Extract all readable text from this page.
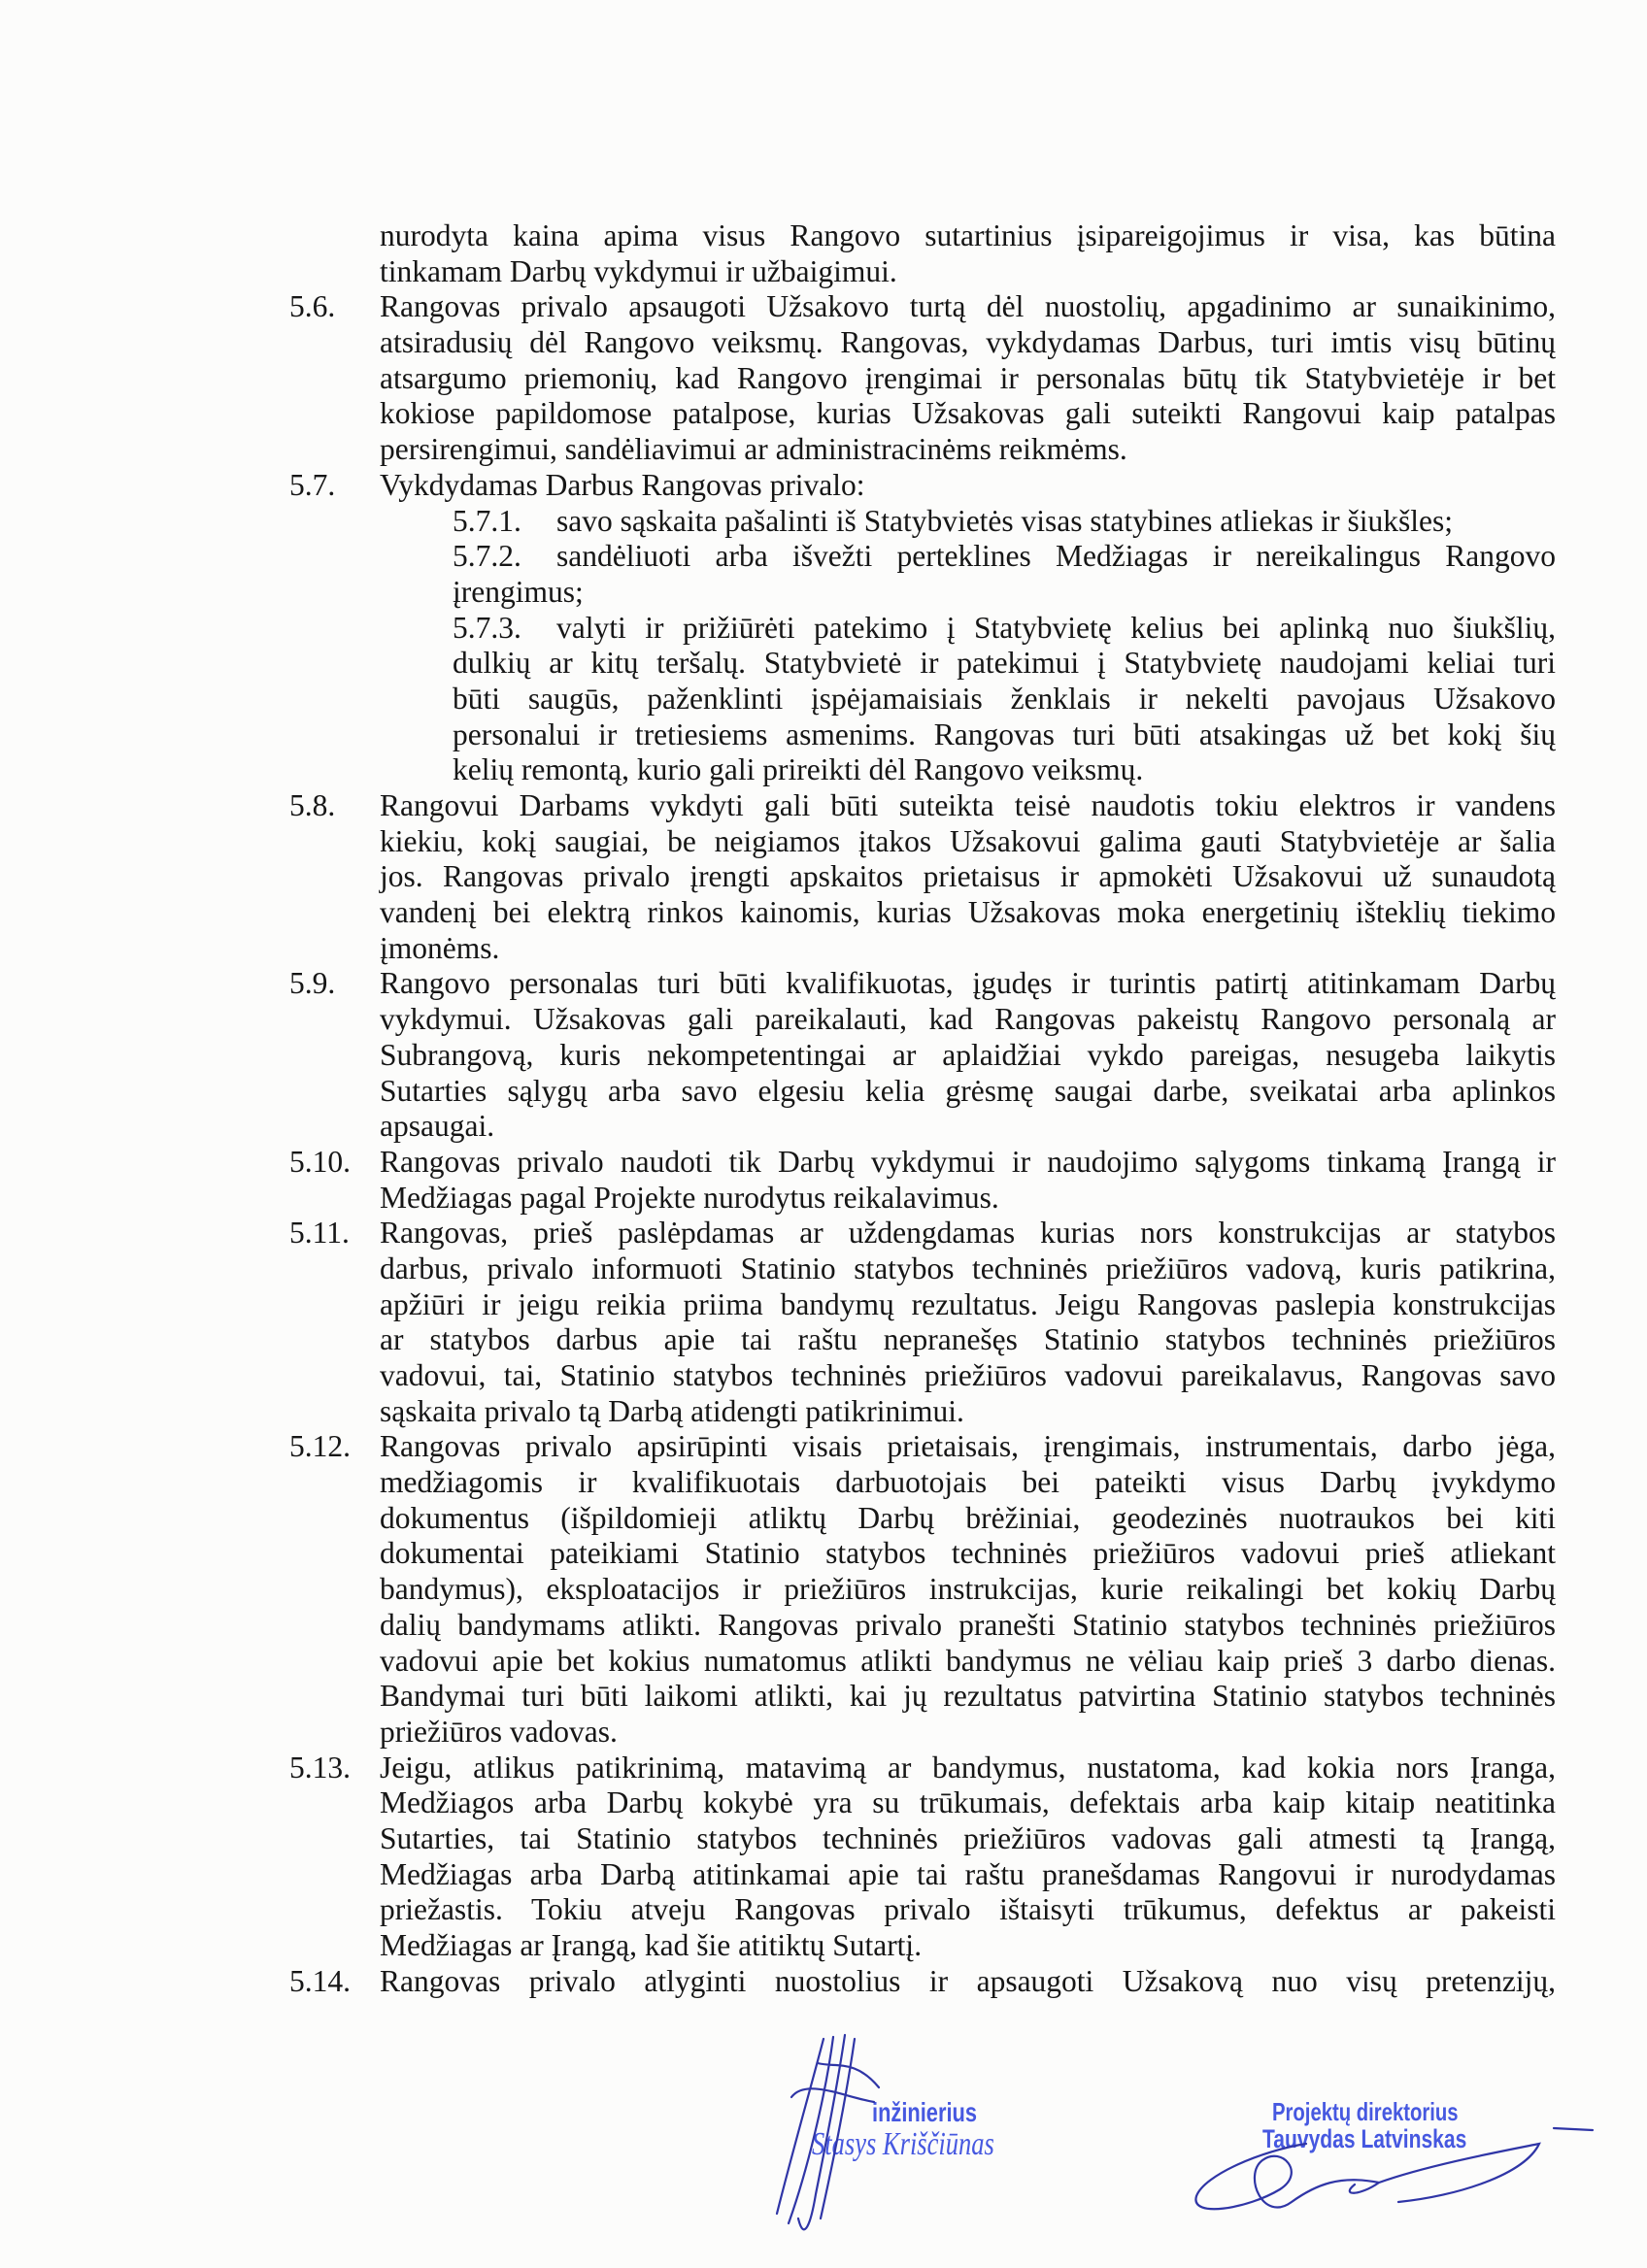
nurodyta kaina apima visus Rangovo sutartinius įsipareigojimus ir visa, kas būtina
tinkamam Darbų vykdymui ir užbaigimui.
5.6. Rangovas privalo apsaugoti Užsakovo turtą dėl nuostolių, apgadinimo ar sunaikinimo,
atsiradusių dėl Rangovo veiksmų. Rangovas, vykdydamas Darbus, turi imtis visų būtinų
atsargumo priemonių, kad Rangovo įrengimai ir personalas būtų tik Statybvietėje ir bet
kokiose papildomose patalpose, kurias Užsakovas gali suteikti Rangovui kaip patalpas
persirengimui, sandėliavimui ar administracinėms reikmėms.
5.7. Vykdydamas Darbus Rangovas privalo:
5.7.1. savo sąskaita pašalinti iš Statybvietės visas statybines atliekas ir šiukšles;
5.7.2. sandėliuoti arba išvežti perteklines Medžiagas ir nereikalingus Rangovo
įrengimus;
5.7.3. valyti ir prižiūrėti patekimo į Statybvietę kelius bei aplinką nuo šiukšlių,
dulkių ar kitų teršalų. Statybvietė ir patekimui į Statybvietę naudojami keliai turi
būti saugūs, paženklinti įspėjamaisiais ženklais ir nekelti pavojaus Užsakovo
personalui ir tretiesiems asmenims. Rangovas turi būti atsakingas už bet kokį šių
kelių remontą, kurio gali prireikti dėl Rangovo veiksmų.
5.8. Rangovui Darbams vykdyti gali būti suteikta teisė naudotis tokiu elektros ir vandens
kiekiu, kokį saugiai, be neigiamos įtakos Užsakovui galima gauti Statybvietėje ar šalia
jos. Rangovas privalo įrengti apskaitos prietaisus ir apmokėti Užsakovui už sunaudotą
vandenį bei elektrą rinkos kainomis, kurias Užsakovas moka energetinių išteklių tiekimo
įmonėms.
5.9. Rangovo personalas turi būti kvalifikuotas, įgudęs ir turintis patirtį atitinkamam Darbų
vykdymui. Užsakovas gali pareikalauti, kad Rangovas pakeistų Rangovo personalą ar
Subrangovą, kuris nekompetentingai ar aplaidžiai vykdo pareigas, nesugeba laikytis
Sutarties sąlygų arba savo elgesiu kelia grėsmę saugai darbe, sveikatai arba aplinkos
apsaugai.
5.10. Rangovas privalo naudoti tik Darbų vykdymui ir naudojimo sąlygoms tinkamą Įrangą ir
Medžiagas pagal Projekte nurodytus reikalavimus.
5.11. Rangovas, prieš paslėpdamas ar uždengdamas kurias nors konstrukcijas ar statybos
darbus, privalo informuoti Statinio statybos techninės priežiūros vadovą, kuris patikrina,
apžiūri ir jeigu reikia priima bandymų rezultatus. Jeigu Rangovas paslepia konstrukcijas
ar statybos darbus apie tai raštu nepranešęs Statinio statybos techninės priežiūros
vadovui, tai, Statinio statybos techninės priežiūros vadovui pareikalavus, Rangovas savo
sąskaita privalo tą Darbą atidengti patikrinimui.
5.12. Rangovas privalo apsirūpinti visais prietaisais, įrengimais, instrumentais, darbo jėga,
medžiagomis ir kvalifikuotais darbuotojais bei pateikti visus Darbų įvykdymo
dokumentus (išpildomieji atliktų Darbų brėžiniai, geodezinės nuotraukos bei kiti
dokumentai pateikiami Statinio statybos techninės priežiūros vadovui prieš atliekant
bandymus), eksploatacijos ir priežiūros instrukcijas, kurie reikalingi bet kokių Darbų
dalių bandymams atlikti. Rangovas privalo pranešti Statinio statybos techninės priežiūros
vadovui apie bet kokius numatomus atlikti bandymus ne vėliau kaip prieš 3 darbo dienas.
Bandymai turi būti laikomi atlikti, kai jų rezultatus patvirtina Statinio statybos techninės
priežiūros vadovas.
5.13. Jeigu, atlikus patikrinimą, matavimą ar bandymus, nustatoma, kad kokia nors Įranga,
Medžiagos arba Darbų kokybė yra su trūkumais, defektais arba kaip kitaip neatitinka
Sutarties, tai Statinio statybos techninės priežiūros vadovas gali atmesti tą Įrangą,
Medžiagas arba Darbą atitinkamai apie tai raštu pranešdamas Rangovui ir nurodydamas
priežastis. Tokiu atveju Rangovas privalo ištaisyti trūkumus, defektus ar pakeisti
Medžiagas ar Įrangą, kad šie atitiktų Sutartį.
5.14. Rangovas privalo atlyginti nuostolius ir apsaugoti Užsakovą nuo visų pretenzijų,
inžinierius
Stasys Kriščiūnas
Projektų direktorius
Tauvydas Latvinskas
